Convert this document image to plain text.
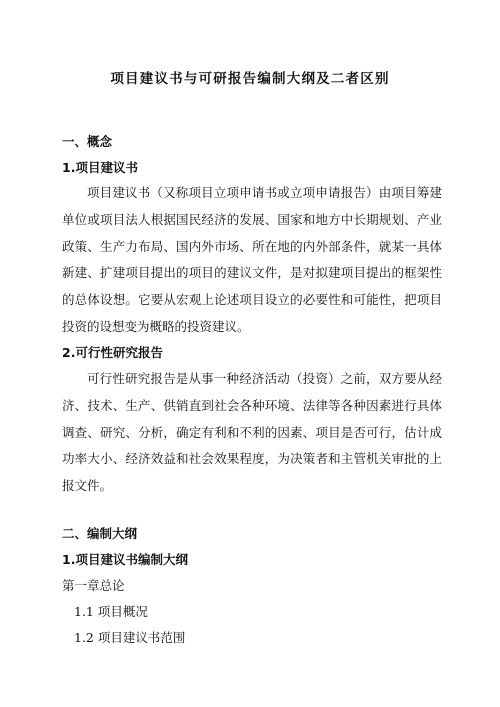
项目建议书与可研报告编制大纲及二者区别
一、概念
1.项目建议书

项目建议书（又称项目立项申请书或立项申请报告）由项目筹建单位或项目法人根据国民经济的发展、国家和地方中长期规划、产业政策、生产力布局、国内外市场、所在地的内外部条件，就某一具体新建、扩建项目提出的项目的建议文件，是对拟建项目提出的框架性的总体设想。它要从宏观上论述项目设立的必要性和可能性，把项目投资的设想变为概略的投资建议。

2.可行性研究报告

可行性研究报告是从事一种经济活动（投资）之前，双方要从经济、技术、生产、供销直到社会各种环境、法律等各种因素进行具体调查、研究、分析，确定有利和不利的因素、项目是否可行，估计成功率大小、经济效益和社会效果程度，为决策者和主管机关审批的上报文件。

二、编制大纲
1.项目建议书编制大纲
第一章总论
1.1 项目概况
1.2 项目建议书范围
